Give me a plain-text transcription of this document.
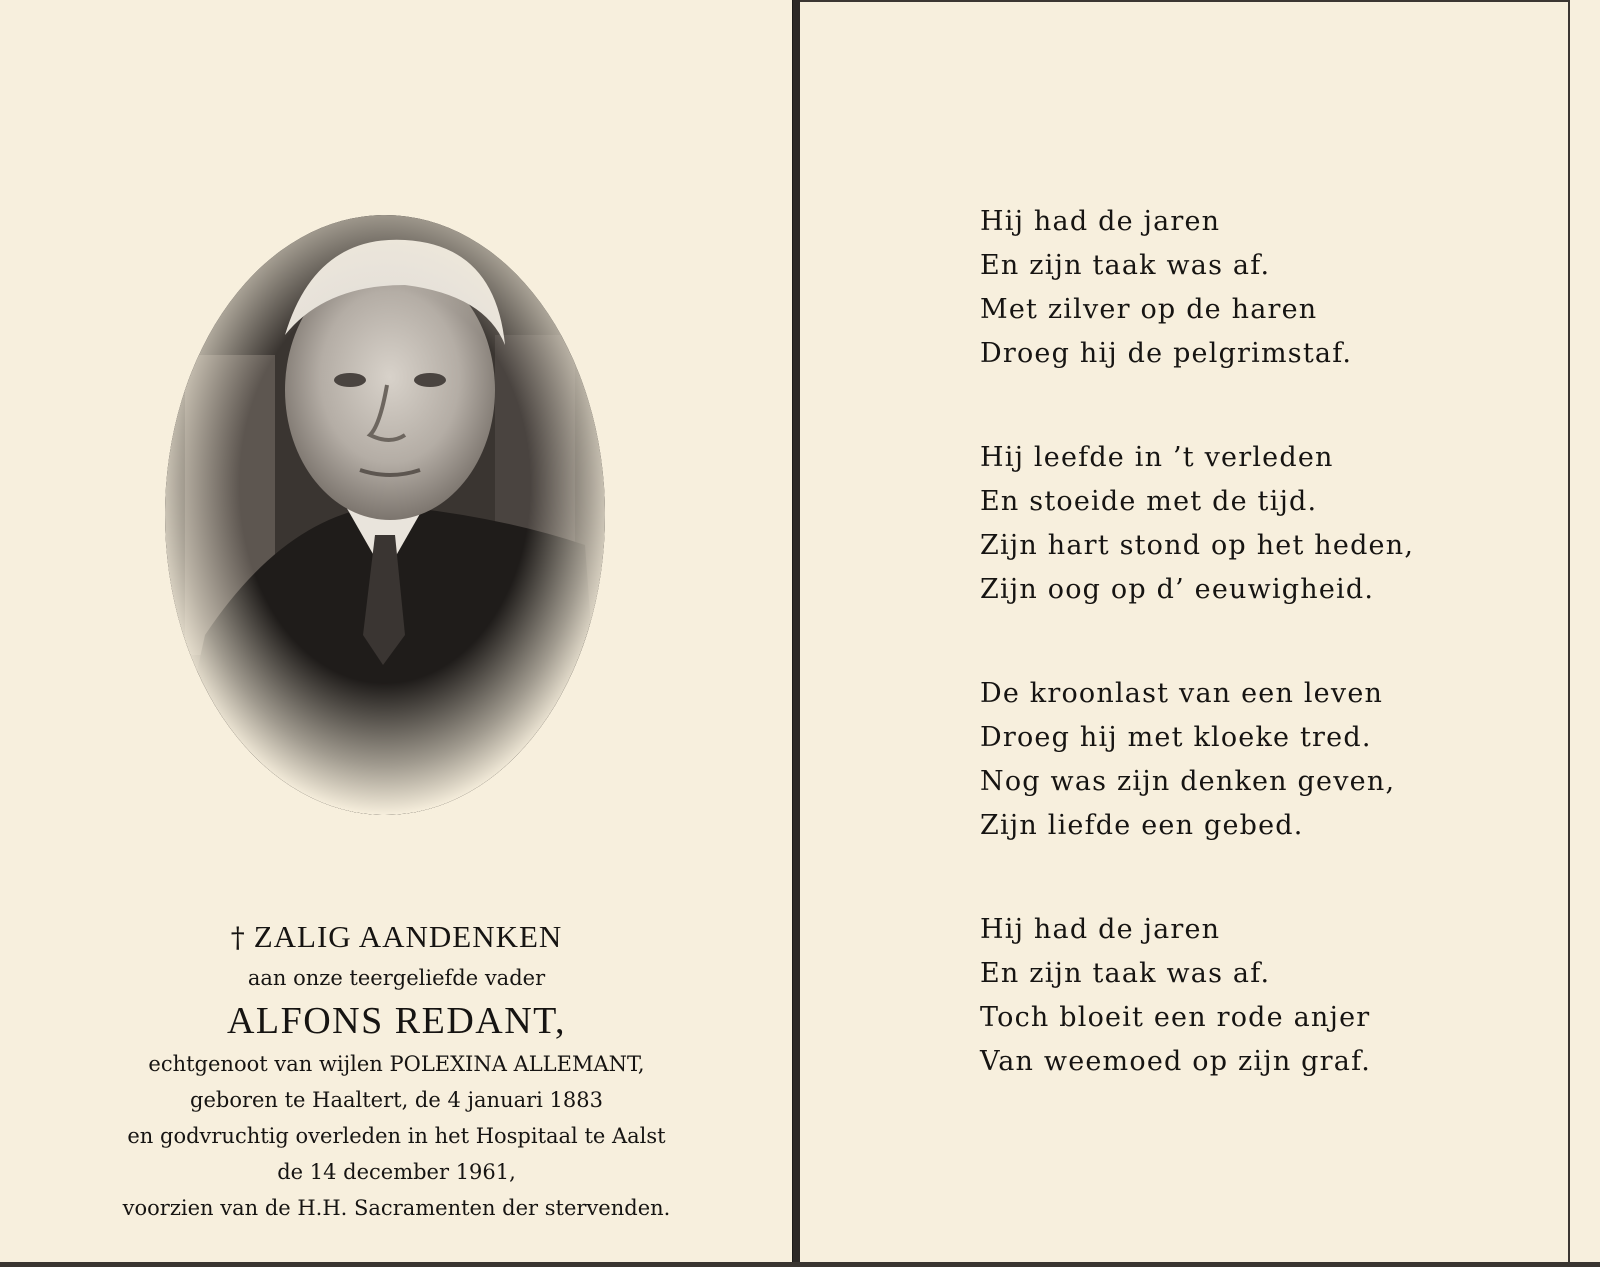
† ZALIG AANDENKEN

aan onze teergeliefde vader

ALFONS REDANT,

echtgenoot van wijlen POLEXINA ALLEMANT,

geboren te Haaltert, de 4 januari 1883

en godvruchtig overleden in het Hospitaal te Aalst

de 14 december 1961,

voorzien van de H.H. Sacramenten der stervenden.

Hij had de jaren

En zijn taak was af.

Met zilver op de haren

Droeg hij de pelgrimstaf.

Hij leefde in ’t verleden

En stoeide met de tijd.

Zijn hart stond op het heden,

Zijn oog op d’ eeuwigheid.

De kroonlast van een leven

Droeg hij met kloeke tred.

Nog was zijn denken geven,

Zijn liefde een gebed.

Hij had de jaren

En zijn taak was af.

Toch bloeit een rode anjer

Van weemoed op zijn graf.
